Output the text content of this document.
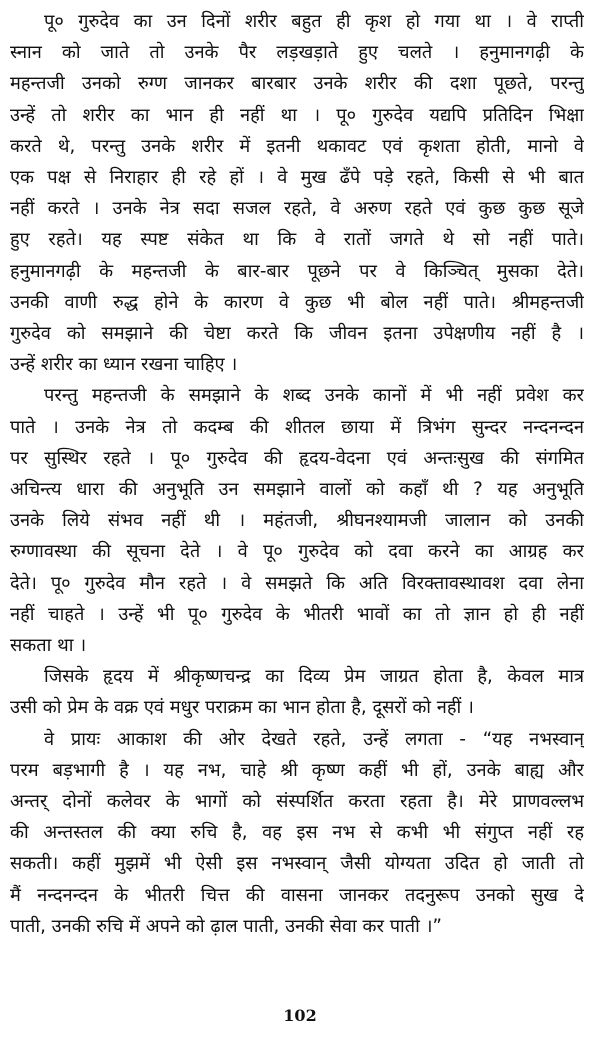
पू० गुरुदेव का उन दिनों शरीर बहुत ही कृश हो गया था । वे राप्ती
स्नान को जाते तो उनके पैर लड़खड़ाते हुए चलते । हनुमानगढ़ी के
महन्तजी उनको रुग्ण जानकर बारबार उनके शरीर की दशा पूछते, परन्तु
उन्हें तो शरीर का भान ही नहीं था । पू० गुरुदेव यद्यपि प्रतिदिन भिक्षा
करते थे, परन्तु उनके शरीर में इतनी थकावट एवं कृशता होती, मानो वे
एक पक्ष से निराहार ही रहे हों । वे मुख ढँपे पड़े रहते, किसी से भी बात
नहीं करते । उनके नेत्र सदा सजल रहते, वे अरुण रहते एवं कुछ कुछ सूजे
हुए रहते। यह स्पष्ट संकेत था कि वे रातों जगते थे सो नहीं पाते।
हनुमानगढ़ी के महन्तजी के बार-बार पूछने पर वे किञ्चित् मुसका देते।
उनकी वाणी रुद्ध होने के कारण वे कुछ भी बोल नहीं पाते। श्रीमहन्तजी
गुरुदेव को समझाने की चेष्टा करते कि जीवन इतना उपेक्षणीय नहीं है ।
उन्हें शरीर का ध्यान रखना चाहिए ।

परन्तु महन्तजी के समझाने के शब्द उनके कानों में भी नहीं प्रवेश कर
पाते । उनके नेत्र तो कदम्ब की शीतल छाया में त्रिभंग सुन्दर नन्दनन्दन
पर सुस्थिर रहते । पू० गुरुदेव की हृदय-वेदना एवं अन्तःसुख की संगमित
अचिन्त्य धारा की अनुभूति उन समझाने वालों को कहाँ थी ? यह अनुभूति
उनके लिये संभव नहीं थी । महंतजी, श्रीघनश्यामजी जालान को उनकी
रुग्णावस्था की सूचना देते । वे पू० गुरुदेव को दवा करने का आग्रह कर
देते। पू० गुरुदेव मौन रहते । वे समझते कि अति विरक्तावस्थावश दवा लेना
नहीं चाहते । उन्हें भी पू० गुरुदेव के भीतरी भावों का तो ज्ञान हो ही नहीं
सकता था ।

जिसके हृदय में श्रीकृष्णचन्द्र का दिव्य प्रेम जाग्रत होता है, केवल मात्र
उसी को प्रेम के वक्र एवं मधुर पराक्रम का भान होता है, दूसरों को नहीं ।

वे प्रायः आकाश की ओर देखते रहते, उन्हें लगता - “यह नभस्वान्
परम बड़भागी है । यह नभ, चाहे श्री कृष्ण कहीं भी हों, उनके बाह्य और
अन्तर् दोनों कलेवर के भागों को संस्पर्शित करता रहता है। मेरे प्राणवल्लभ
की अन्तस्तल की क्या रुचि है, वह इस नभ से कभी भी संगुप्त नहीं रह
सकती। कहीं मुझमें भी ऐसी इस नभस्वान् जैसी योग्यता उदित हो जाती तो
मैं नन्दनन्दन के भीतरी चित्त की वासना जानकर तदनुरूप उनको सुख दे
पाती, उनकी रुचि में अपने को ढ़ाल पाती, उनकी सेवा कर पाती ।”

102
